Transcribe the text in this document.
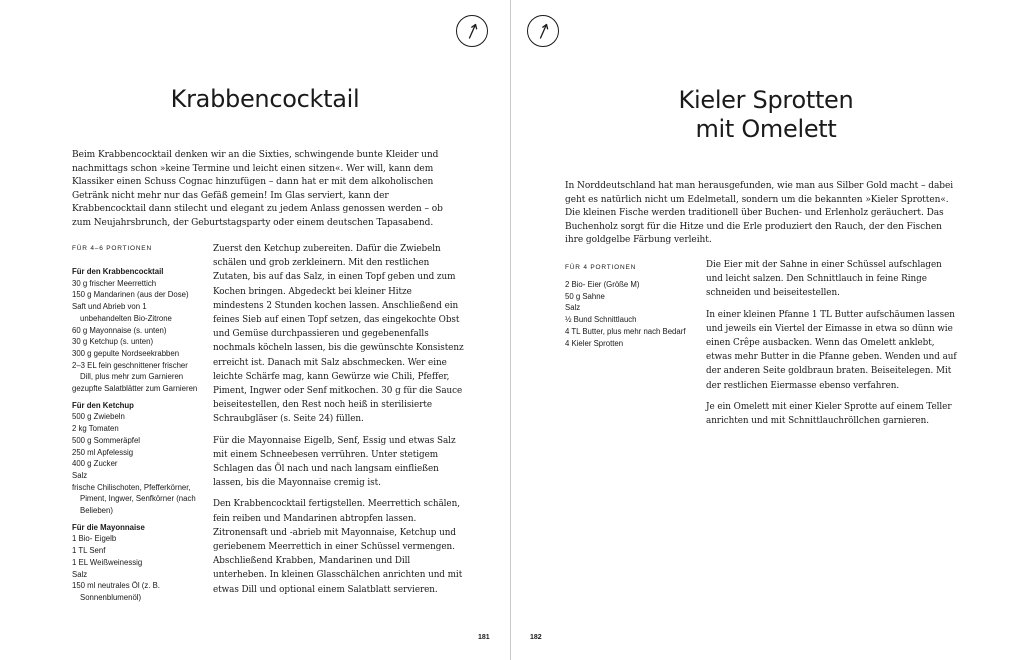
Krabbencocktail

Beim Krabbencocktail denken wir an die Sixties, schwingende bunte Kleider und nachmittags schon »keine Termine und leicht einen sitzen«. Wer will, kann dem Klassiker einen Schuss Cognac hinzufügen – dann hat er mit dem alkoholischen Getränk nicht mehr nur das Gefäß gemein! Im Glas serviert, kann der Krabbencocktail dann stilecht und elegant zu jedem Anlass genossen werden – ob zum Neujahrsbrunch, der Geburtstagsparty oder einem deutschen Tapasabend.

FÜR 4–6 PORTIONEN
Für den Krabbencocktail
30 g frischer Meerrettich
150 g Mandarinen (aus der Dose)
Saft und Abrieb von 1 unbehandelten Bio-Zitrone
60 g Mayonnaise (s. unten)
30 g Ketchup (s. unten)
300 g gepulte Nordseekrabben
2–3 EL fein geschnittener frischer Dill, plus mehr zum Garnieren
gezupfte Salatblätter zum Garnieren
Für den Ketchup
500 g Zwiebeln
2 kg Tomaten
500 g Sommeräpfel
250 ml Apfelessig
400 g Zucker
Salz
frische Chilischoten, Pfefferkörner, Piment, Ingwer, Senfkörner (nach Belieben)
Für die Mayonnaise
1 Bio- Eigelb
1 TL Senf
1 EL Weißweinessig
Salz
150 ml neutrales Öl (z. B. Sonnenblumenöl)

Zuerst den Ketchup zubereiten. Dafür die Zwiebeln schälen und grob zerkleinern. Mit den restlichen Zutaten, bis auf das Salz, in einen Topf geben und zum Kochen bringen. Abgedeckt bei kleiner Hitze mindestens 2 Stunden kochen lassen. Anschließend ein feines Sieb auf einen Topf setzen, das eingekochte Obst und Gemüse durchpassieren und gegebenenfalls nochmals köcheln lassen, bis die gewünschte Konsistenz erreicht ist. Danach mit Salz abschmecken. Wer eine leichte Schärfe mag, kann Gewürze wie Chili, Pfeffer, Piment, Ingwer oder Senf mitkochen. 30 g für die Sauce beiseitestellen, den Rest noch heiß in sterilisierte Schraubgläser (s. Seite 24) füllen.

Für die Mayonnaise Eigelb, Senf, Essig und etwas Salz mit einem Schneebesen verrühren. Unter stetigem Schlagen das Öl nach und nach langsam einfließen lassen, bis die Mayonnaise cremig ist.

Den Krabbencocktail fertigstellen. Meerrettich schälen, fein reiben und Mandarinen abtropfen lassen. Zitronensaft und -abrieb mit Mayonnaise, Ketchup und geriebenem Meerrettich in einer Schüssel vermengen. Abschließend Krabben, Mandarinen und Dill unterheben. In kleinen Glasschälchen anrichten und mit etwas Dill und optional einem Salatblatt servieren.

181
Kieler Sprotten
mit Omelett

In Norddeutschland hat man herausgefunden, wie man aus Silber Gold macht – dabei geht es natürlich nicht um Edelmetall, sondern um die bekannten »Kieler Sprotten«. Die kleinen Fische werden traditionell über Buchen- und Erlenholz geräuchert. Das Buchenholz sorgt für die Hitze und die Erle produziert den Rauch, der den Fischen ihre goldgelbe Färbung verleiht.

FÜR 4 PORTIONEN
2 Bio- Eier (Größe M)
50 g Sahne
Salz
½ Bund Schnittlauch
4 TL Butter, plus mehr nach Bedarf
4 Kieler Sprotten

Die Eier mit der Sahne in einer Schüssel aufschlagen und leicht salzen. Den Schnittlauch in feine Ringe schneiden und beiseitestellen.

In einer kleinen Pfanne 1 TL Butter aufschäumen lassen und jeweils ein Viertel der Eimasse in etwa so dünn wie einen Crêpe ausbacken. Wenn das Omelett anklebt, etwas mehr Butter in die Pfanne geben. Wenden und auf der anderen Seite goldbraun braten. Beiseitelegen. Mit der restlichen Eiermasse ebenso verfahren.

Je ein Omelett mit einer Kieler Sprotte auf einem Teller anrichten und mit Schnittlauchröllchen garnieren.

182
